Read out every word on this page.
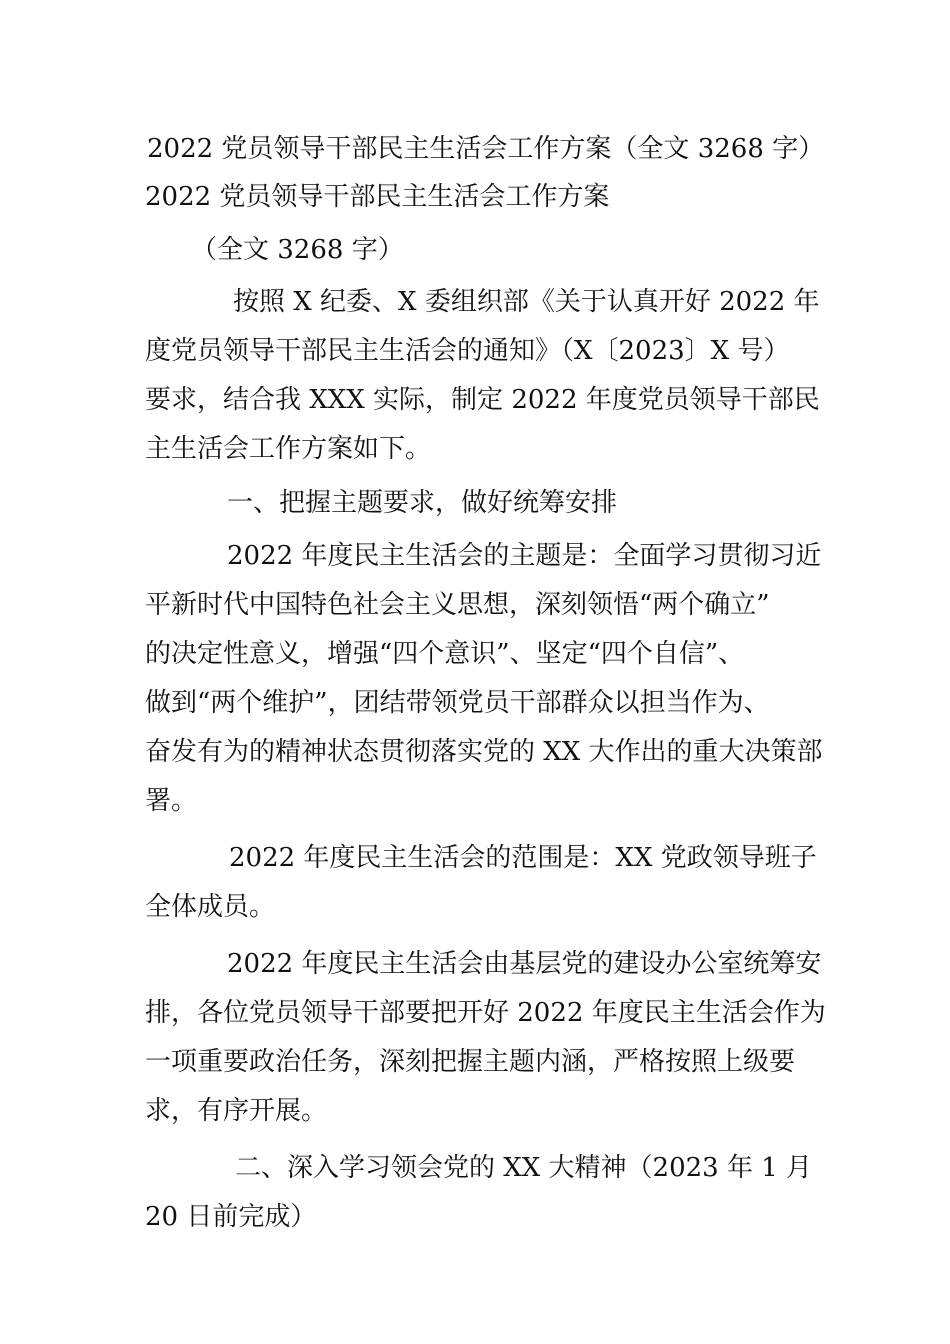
2022 党员领导干部民主生活会工作方案（全文 3268 字）
2022 党员领导干部民主生活会工作方案
（全文 3268 字）
按照 X 纪委、X 委组织部《关于认真开好 2022 年
度党员领导干部民主生活会的通知》（X〔2023〕X 号）
要求，结合我 XXX 实际，制定 2022 年度党员领导干部民
主生活会工作方案如下。
一、把握主题要求，做好统筹安排
2022 年度民主生活会的主题是：全面学习贯彻习近
平新时代中国特色社会主义思想，深刻领悟“两个确立”
的决定性意义，增强“四个意识”、坚定“四个自信”、
做到“两个维护”，团结带领党员干部群众以担当作为、
奋发有为的精神状态贯彻落实党的 XX 大作出的重大决策部
署。
2022 年度民主生活会的范围是：XX 党政领导班子
全体成员。
2022 年度民主生活会由基层党的建设办公室统筹安
排，各位党员领导干部要把开好 2022 年度民主生活会作为
一项重要政治任务，深刻把握主题内涵，严格按照上级要
求，有序开展。
二、深入学习领会党的 XX 大精神（2023 年 1 月
20 日前完成）
